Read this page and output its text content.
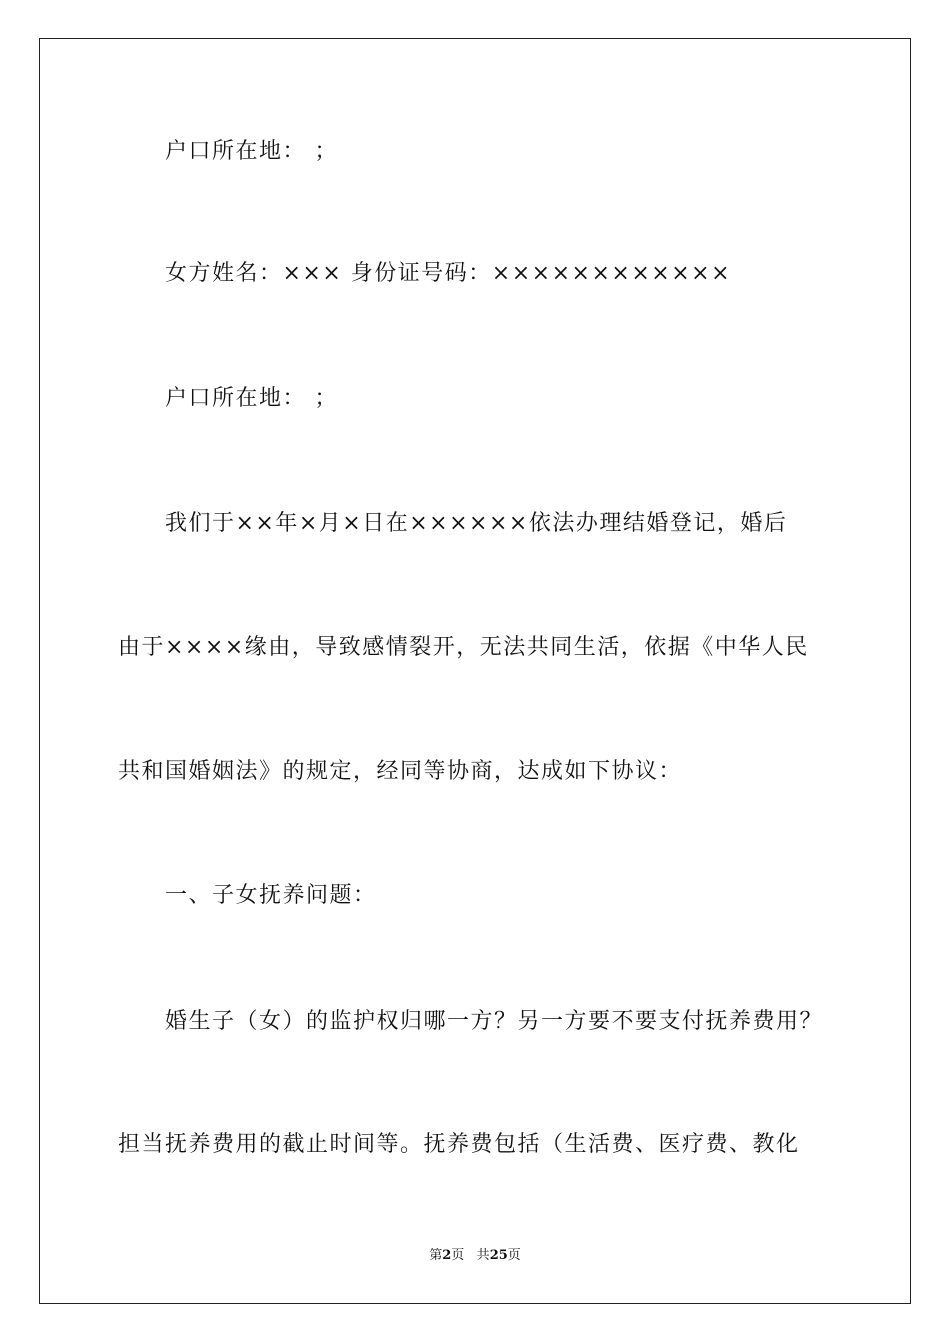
户口所在地： ；
女方姓名：××× 身份证号码：××××××××××××
户口所在地： ；
我们于××年×月×日在××××××依法办理结婚登记，婚后
由于××××缘由，导致感情裂开，无法共同生活，依据《中华人民
共和国婚姻法》的规定，经同等协商，达成如下协议：
一、子女抚养问题：
婚生子（女）的监护权归哪一方？另一方要不要支付抚养费用？
担当抚养费用的截止时间等。抚养费包括（生活费、医疗费、教化
第2页 共25页
